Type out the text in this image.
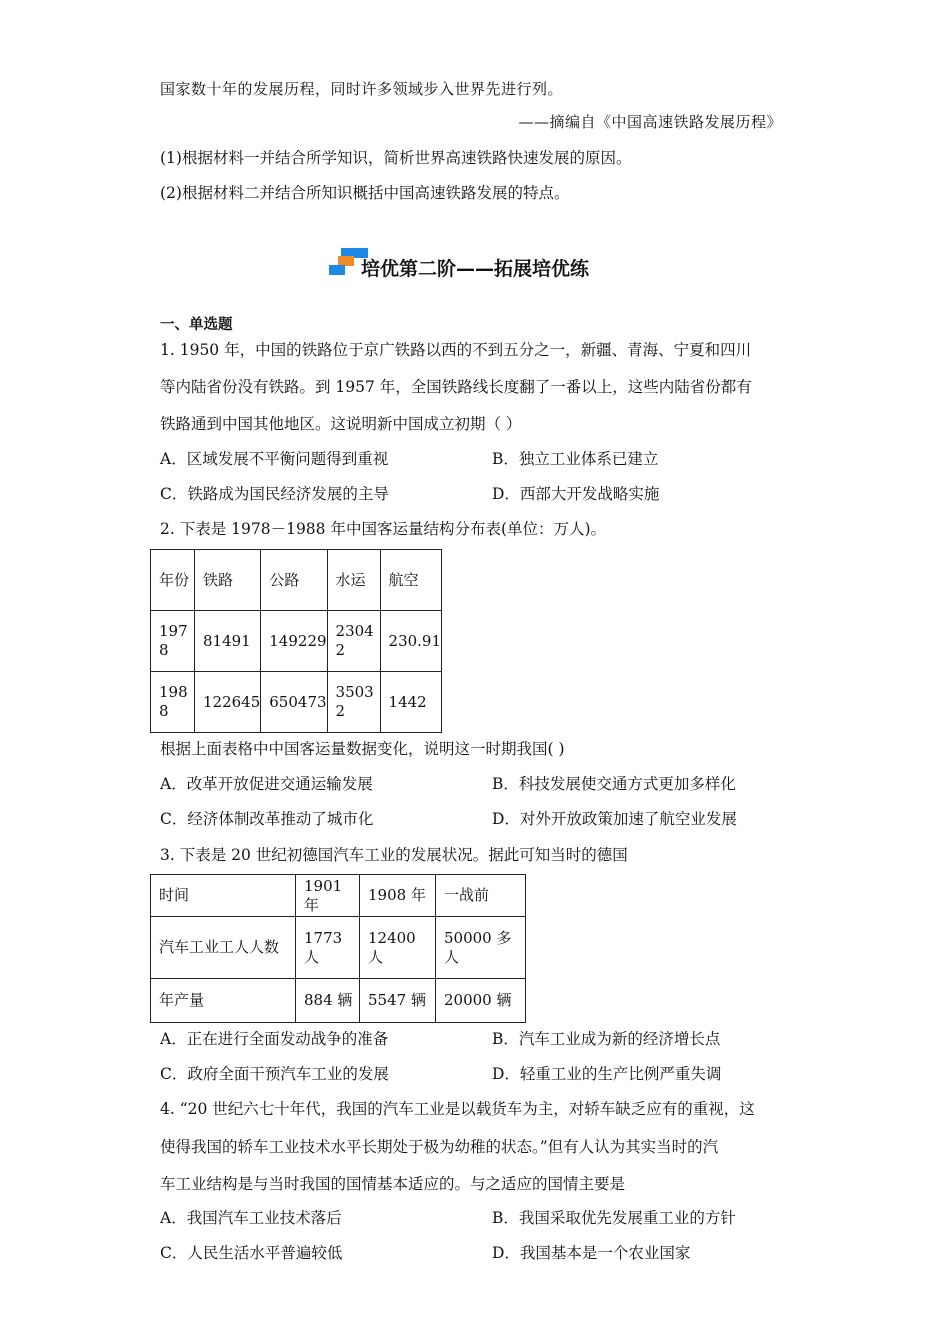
国家数十年的发展历程，同时许多领域步入世界先进行列。
——摘编自《中国高速铁路发展历程》
(1)根据材料一并结合所学知识，简析世界高速铁路快速发展的原因。
(2)根据材料二并结合所知识概括中国高速铁路发展的特点。
培优第二阶——拓展培优练
一、单选题
1. 1950 年，中国的铁路位于京广铁路以西的不到五分之一，新疆、青海、宁夏和四川
等内陆省份没有铁路。到 1957 年，全国铁路线长度翻了一番以上，这些内陆省份都有
铁路通到中国其他地区。这说明新中国成立初期（ ）
A．区域发展不平衡问题得到重视	B．独立工业体系已建立
C．铁路成为国民经济发展的主导	D．西部大开发战略实施
2. 下表是 1978－1988 年中国客运量结构分布表(单位：万人)。
年份	铁路	公路	水运	航空
1978	81491	149229	23042	230.91
1988	122645	650473	35032	1442
根据上面表格中中国客运量数据变化，说明这一时期我国( )
A．改革开放促进交通运输发展	B．科技发展使交通方式更加多样化
C．经济体制改革推动了城市化	D．对外开放政策加速了航空业发展
3. 下表是 20 世纪初德国汽车工业的发展状况。据此可知当时的德国
时间	1901 年	1908 年	一战前
汽车工业工人人数	1773 人	12400 人	50000 多人
年产量	884 辆	5547 辆	20000 辆
A．正在进行全面发动战争的准备	B．汽车工业成为新的经济增长点
C．政府全面干预汽车工业的发展	D．轻重工业的生产比例严重失调
4. “20 世纪六七十年代，我国的汽车工业是以载货车为主，对轿车缺乏应有的重视，这
使得我国的轿车工业技术水平长期处于极为幼稚的状态。”但有人认为其实当时的汽
车工业结构是与当时我国的国情基本适应的。与之适应的国情主要是
A．我国汽车工业技术落后	B．我国采取优先发展重工业的方针
C．人民生活水平普遍较低	D．我国基本是一个农业国家
